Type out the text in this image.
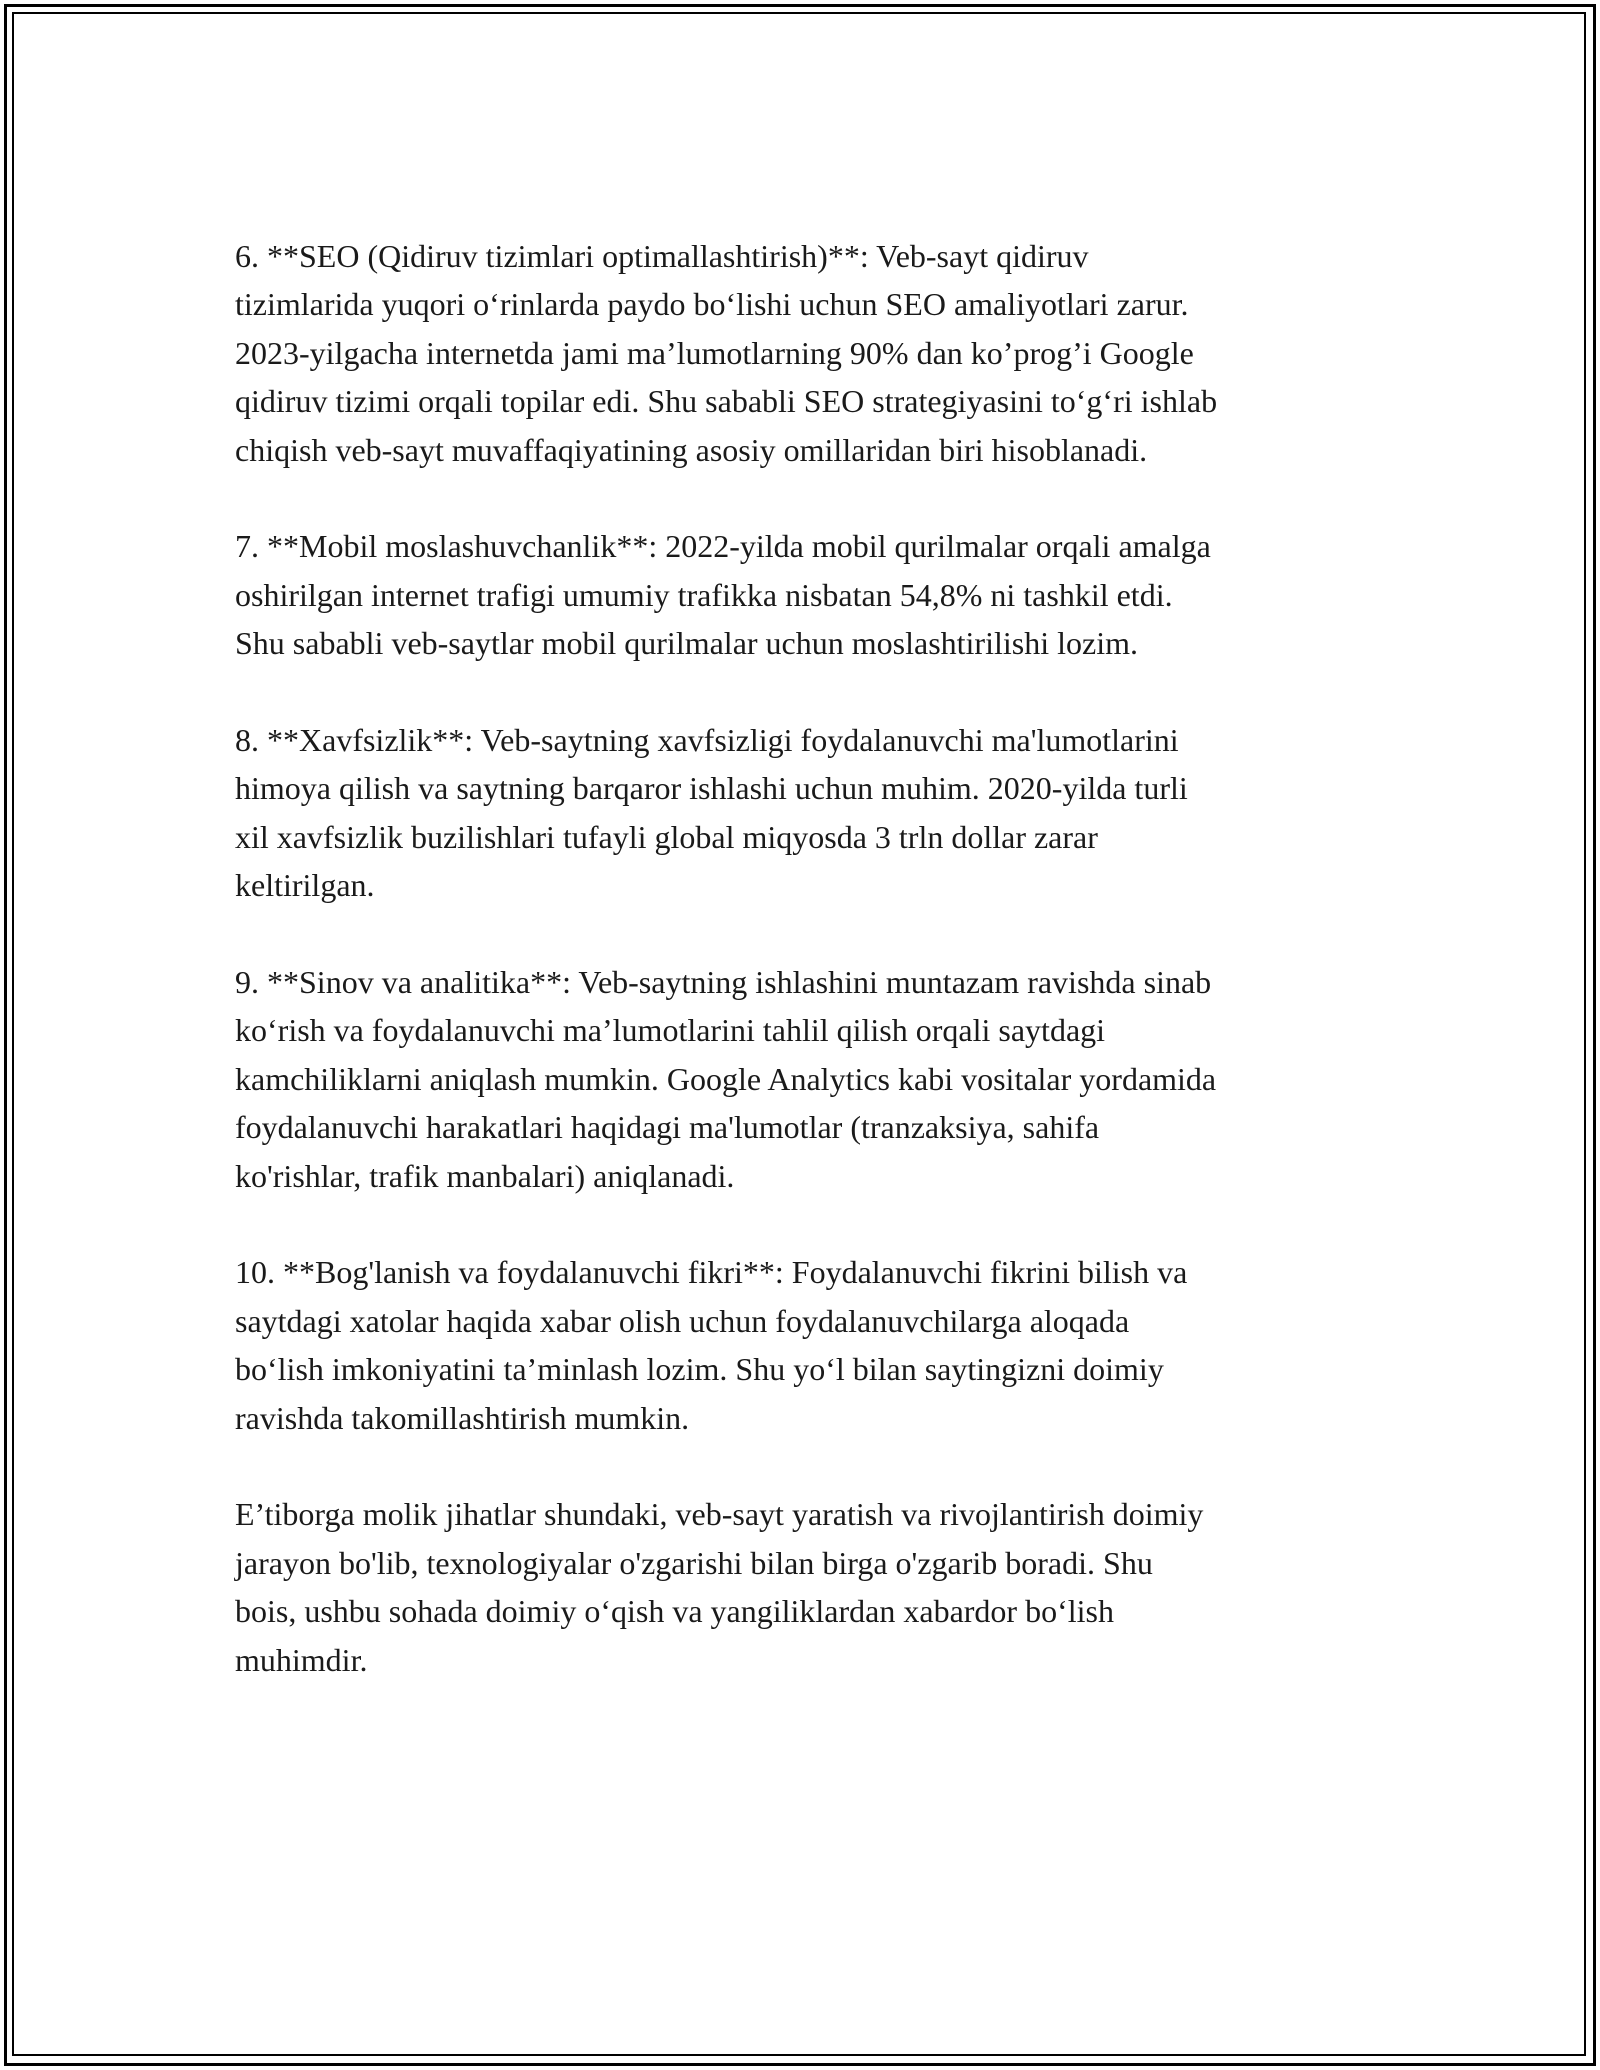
6. **SEO (Qidiruv tizimlari optimallashtirish)**: Veb-sayt qidiruv
tizimlarida yuqori o‘rinlarda paydo bo‘lishi uchun SEO amaliyotlari zarur.
2023-yilgacha internetda jami ma’lumotlarning 90% dan ko’prog’i Google
qidiruv tizimi orqali topilar edi. Shu sababli SEO strategiyasini to‘g‘ri ishlab
chiqish veb-sayt muvaffaqiyatining asosiy omillaridan biri hisoblanadi.

7. **Mobil moslashuvchanlik**: 2022-yilda mobil qurilmalar orqali amalga
oshirilgan internet trafigi umumiy trafikka nisbatan 54,8% ni tashkil etdi.
Shu sababli veb-saytlar mobil qurilmalar uchun moslashtirilishi lozim.

8. **Xavfsizlik**: Veb-saytning xavfsizligi foydalanuvchi ma'lumotlarini
himoya qilish va saytning barqaror ishlashi uchun muhim. 2020-yilda turli
xil xavfsizlik buzilishlari tufayli global miqyosda 3 trln dollar zarar
keltirilgan.

9. **Sinov va analitika**: Veb-saytning ishlashini muntazam ravishda sinab
ko‘rish va foydalanuvchi ma’lumotlarini tahlil qilish orqali saytdagi
kamchiliklarni aniqlash mumkin. Google Analytics kabi vositalar yordamida
foydalanuvchi harakatlari haqidagi ma'lumotlar (tranzaksiya, sahifa
ko'rishlar, trafik manbalari) aniqlanadi.

10. **Bog'lanish va foydalanuvchi fikri**: Foydalanuvchi fikrini bilish va
saytdagi xatolar haqida xabar olish uchun foydalanuvchilarga aloqada
bo‘lish imkoniyatini ta’minlash lozim. Shu yo‘l bilan saytingizni doimiy
ravishda takomillashtirish mumkin.

E’tiborga molik jihatlar shundaki, veb-sayt yaratish va rivojlantirish doimiy
jarayon bo'lib, texnologiyalar o'zgarishi bilan birga o'zgarib boradi. Shu
bois, ushbu sohada doimiy o‘qish va yangiliklardan xabardor bo‘lish
muhimdir.
